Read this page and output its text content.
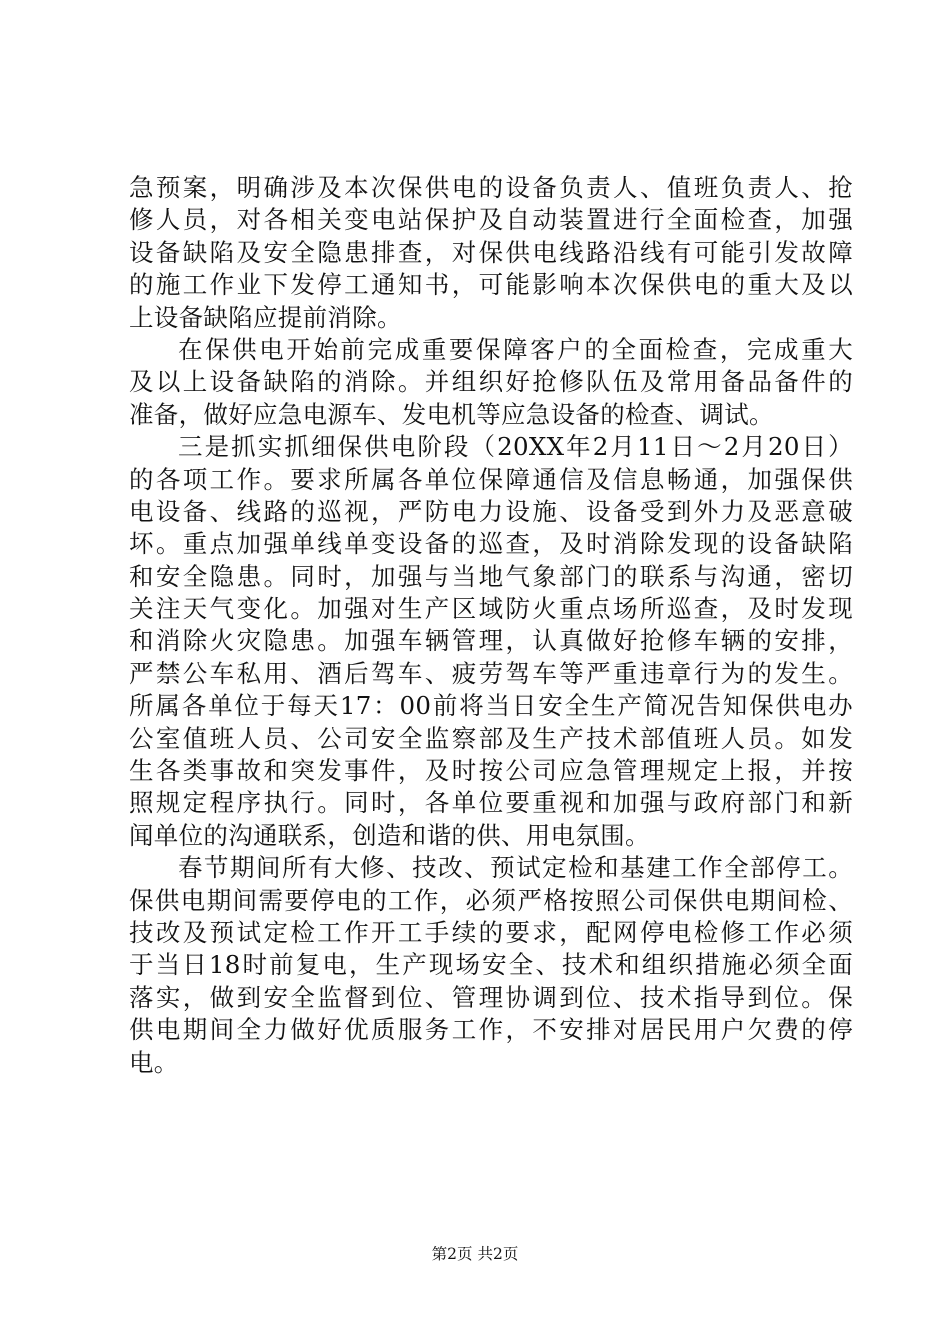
急预案，明确涉及本次保供电的设备负责人、值班负责人、抢
修人员，对各相关变电站保护及自动装置进行全面检查，加强
设备缺陷及安全隐患排查，对保供电线路沿线有可能引发故障
的施工作业下发停工通知书，可能影响本次保供电的重大及以
上设备缺陷应提前消除。
在保供电开始前完成重要保障客户的全面检查，完成重大
及以上设备缺陷的消除。并组织好抢修队伍及常用备品备件的
准备，做好应急电源车、发电机等应急设备的检查、调试。
三是抓实抓细保供电阶段（20XX年2月11日～2月20日）
的各项工作。要求所属各单位保障通信及信息畅通，加强保供
电设备、线路的巡视，严防电力设施、设备受到外力及恶意破
坏。重点加强单线单变设备的巡查，及时消除发现的设备缺陷
和安全隐患。同时，加强与当地气象部门的联系与沟通，密切
关注天气变化。加强对生产区域防火重点场所巡查，及时发现
和消除火灾隐患。加强车辆管理，认真做好抢修车辆的安排，
严禁公车私用、酒后驾车、疲劳驾车等严重违章行为的发生。
所属各单位于每天17：00前将当日安全生产简况告知保供电办
公室值班人员、公司安全监察部及生产技术部值班人员。如发
生各类事故和突发事件，及时按公司应急管理规定上报，并按
照规定程序执行。同时，各单位要重视和加强与政府部门和新
闻单位的沟通联系，创造和谐的供、用电氛围。
春节期间所有大修、技改、预试定检和基建工作全部停工。
保供电期间需要停电的工作，必须严格按照公司保供电期间检、
技改及预试定检工作开工手续的要求，配网停电检修工作必须
于当日18时前复电，生产现场安全、技术和组织措施必须全面
落实，做到安全监督到位、管理协调到位、技术指导到位。保
供电期间全力做好优质服务工作，不安排对居民用户欠费的停
电。
第2页 共2页
